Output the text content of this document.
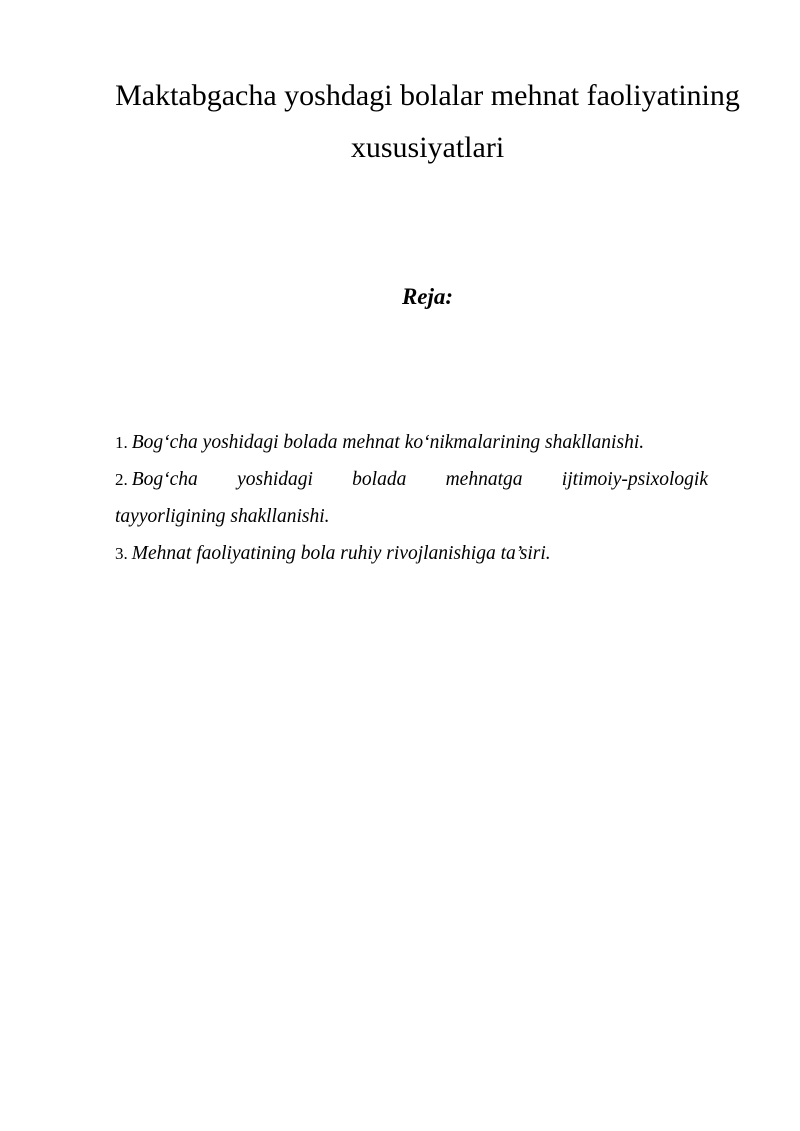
Maktabgacha yoshdagi bolalar mehnat faoliyatining
xususiyatlari
Reja:
1. Bog‘cha yoshidagi bolada mehnat ko‘nikmalarining shakllanishi.
2. Bog‘cha yoshidagi bolada mehnatga ijtimoiy-psixologik
tayyorligining shakllanishi.
3. Mehnat faoliyatining bola ruhiy rivojlanishiga ta’siri.
